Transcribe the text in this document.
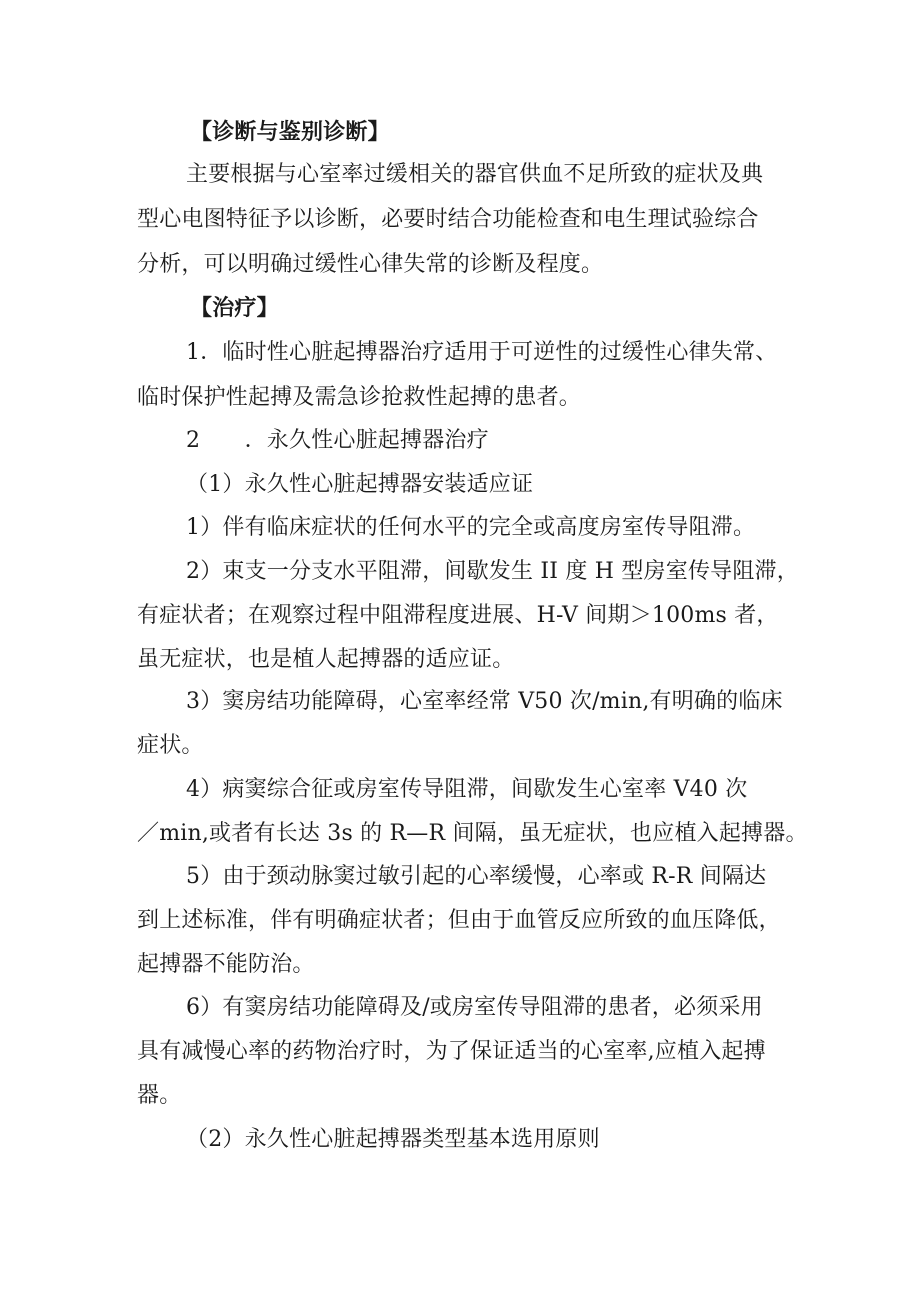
【诊断与鉴别诊断】
主要根据与心室率过缓相关的器官供血不足所致的症状及典
型心电图特征予以诊断，必要时结合功能检查和电生理试验综合
分析，可以明确过缓性心律失常的诊断及程度。
【治疗】
1．临时性心脏起搏器治疗适用于可逆性的过缓性心律失常、
临时保护性起搏及需急诊抢救性起搏的患者。
2　　．永久性心脏起搏器治疗
（1）永久性心脏起搏器安装适应证
1）伴有临床症状的任何水平的完全或高度房室传导阻滞。
2）束支一分支水平阻滞，间歇发生 II 度 H 型房室传导阻滞，
有症状者；在观察过程中阻滞程度进展、H-V 间期＞100ms 者，
虽无症状，也是植人起搏器的适应证。
3）窦房结功能障碍，心室率经常 V50 次/min,有明确的临床
症状。
4）病窦综合征或房室传导阻滞，间歇发生心室率 V40 次
／min,或者有长达 3s 的 R—R 间隔，虽无症状，也应植入起搏器。
5）由于颈动脉窦过敏引起的心率缓慢，心率或 R-R 间隔达
到上述标准，伴有明确症状者；但由于血管反应所致的血压降低，
起搏器不能防治。
6）有窦房结功能障碍及/或房室传导阻滞的患者，必须采用
具有减慢心率的药物治疗时，为了保证适当的心室率,应植入起搏
器。
（2）永久性心脏起搏器类型基本选用原则
